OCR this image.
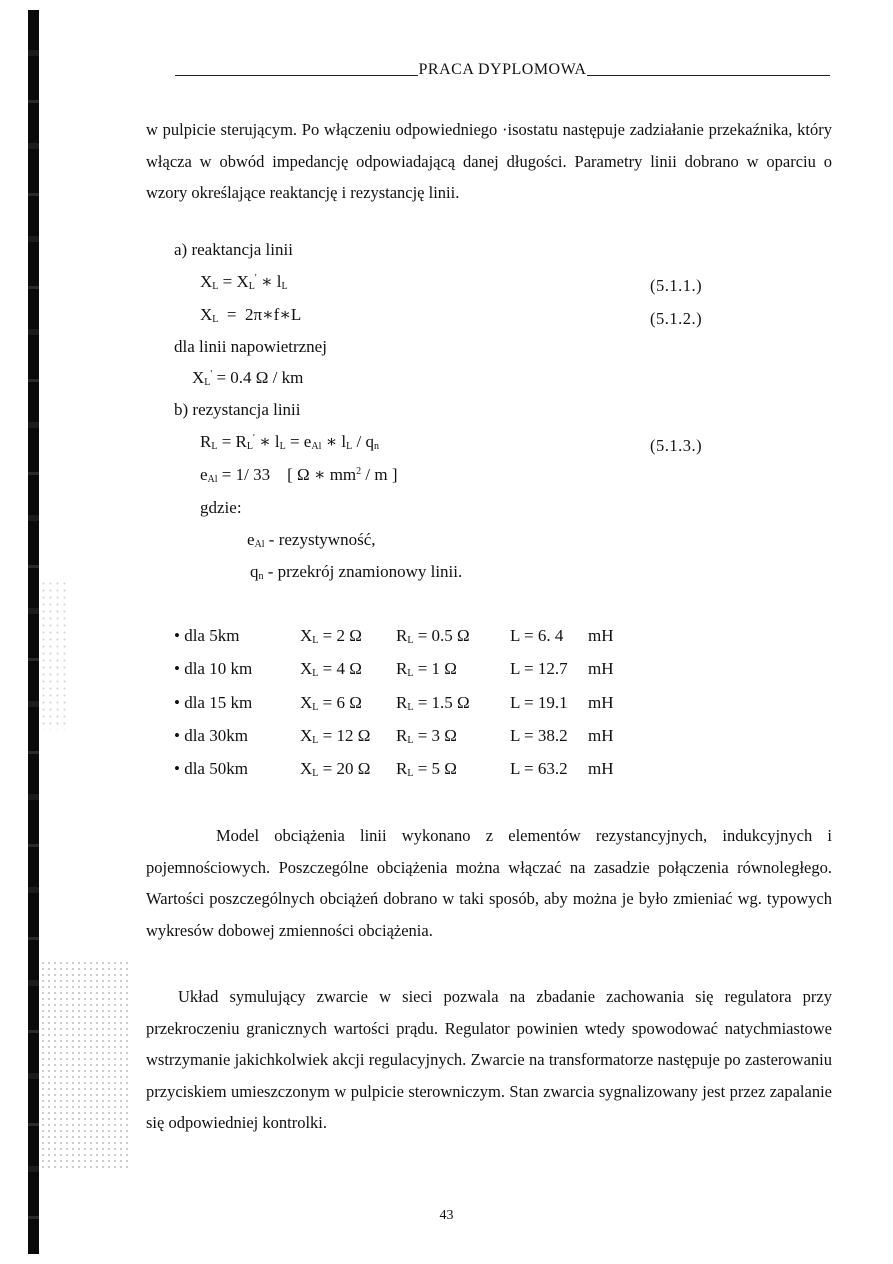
PRACA DYPLOMOWA

w pulpicie sterującym. Po włączeniu odpowiedniego ·isostatu następuje zadziałanie przekaźnika, który włącza w obwód impedancję odpowiadającą danej długości. Parametry linii dobrano w oparciu o wzory określające reaktancję i rezystancję linii.

a) reaktancja linii
$X_L = X_L'$ ∗ $l_L$	(5.1.1.)
$X_L$  =  2π∗f∗L	(5.1.2.)
dla linii napowietrznej
$X_L' = 0.4$ Ω / km
b) rezystancja linii
$R_L = R_L'$ ∗ $l_L = e_{Al}$ ∗ $l_L / q_n$	(5.1.3.)
$e_{Al} = 1/$ 33    [ Ω ∗ $mm^2$ / m ]
gdzie:
$e_{Al}$ - rezystywność,
$q_n$ - przekrój znamionowy linii.
• dla 5km	$X_L = 2$ Ω $R_L = 0.5$ Ω L = 6. 4 mH
• dla 10 km	$X_L = 4$ Ω $R_L = 1$ Ω	L = 12.7 mH
• dla 15 km	$X_L = 6$ Ω $R_L = 1.5$ Ω L = 19.1 mH
• dla 30km	$X_L = 12$ Ω $R_L = 3$ Ω	L = 38.2 mH
• dla 50km	$X_L = 20$ Ω $R_L = 5$ Ω	L = 63.2 mH

Model obciążenia linii wykonano z elementów rezystancyjnych, indukcyjnych i pojemnościowych. Poszczególne obciążenia można włączać na zasadzie połączenia równoległego. Wartości poszczególnych obciążeń dobrano w taki sposób, aby można je było zmieniać wg. typowych wykresów dobowej zmienności obciążenia.

Układ symulujący zwarcie w sieci pozwala na zbadanie zachowania się regulatora przy przekroczeniu granicznych wartości prądu. Regulator powinien wtedy spowodować natychmiastowe wstrzymanie jakichkolwiek akcji regulacyjnych. Zwarcie na transformatorze następuje po zasterowaniu przyciskiem umieszczonym w pulpicie sterowniczym. Stan zwarcia sygnalizowany jest przez zapalanie się odpowiedniej kontrolki.

43
